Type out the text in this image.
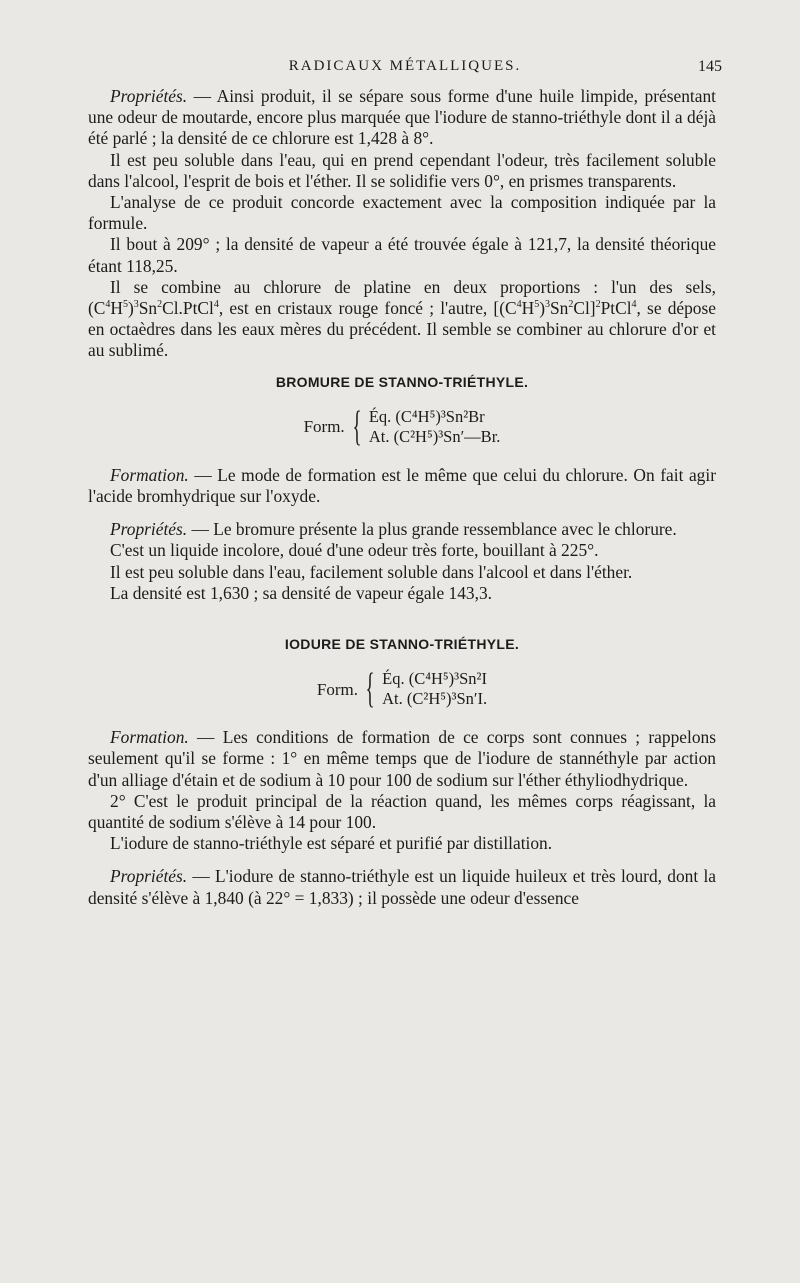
RADICAUX MÉTALLIQUES.	145

Propriétés. — Ainsi produit, il se sépare sous forme d'une huile limpide, présentant une odeur de moutarde, encore plus marquée que l'iodure de stanno-triéthyle dont il a déjà été parlé ; la densité de ce chlorure est 1,428 à 8°.

Il est peu soluble dans l'eau, qui en prend cependant l'odeur, très facilement soluble dans l'alcool, l'esprit de bois et l'éther. Il se solidifie vers 0°, en prismes transparents.

L'analyse de ce produit concorde exactement avec la composition indiquée par la formule.

Il bout à 209° ; la densité de vapeur a été trouvée égale à 121,7, la densité théorique étant 118,25.

Il se combine au chlorure de platine en deux proportions : l'un des sels, $(C^4H^5)^3Sn^2Cl.PtCl^4$, est en cristaux rouge foncé ; l'autre, $[(C^4H^5)^3Sn^2Cl]^2PtCl^4$, se dépose en octaèdres dans les eaux mères du précédent. Il semble se combiner au chlorure d'or et au sublimé.

BROMURE DE STANNO-TRIÉTHYLE.
Form. { Éq. (C⁴H⁵)³Sn²Br
At. (C²H⁵)³Sn′—Br.

Formation. — Le mode de formation est le même que celui du chlorure. On fait agir l'acide bromhydrique sur l'oxyde.

Propriétés. — Le bromure présente la plus grande ressemblance avec le chlorure.

C'est un liquide incolore, doué d'une odeur très forte, bouillant à 225°.

Il est peu soluble dans l'eau, facilement soluble dans l'alcool et dans l'éther.

La densité est 1,630 ; sa densité de vapeur égale 143,3.

IODURE DE STANNO-TRIÉTHYLE.
Form. { Éq. (C⁴H⁵)³Sn²I
At. (C²H⁵)³Sn′I.

Formation. — Les conditions de formation de ce corps sont connues ; rappelons seulement qu'il se forme : 1° en même temps que de l'iodure de stannéthyle par action d'un alliage d'étain et de sodium à 10 pour 100 de sodium sur l'éther éthyliodhydrique.

2° C'est le produit principal de la réaction quand, les mêmes corps réagissant, la quantité de sodium s'élève à 14 pour 100.

L'iodure de stanno-triéthyle est séparé et purifié par distillation.

Propriétés. — L'iodure de stanno-triéthyle est un liquide huileux et très lourd, dont la densité s'élève à 1,840 (à 22° = 1,833) ; il possède une odeur d'essence
